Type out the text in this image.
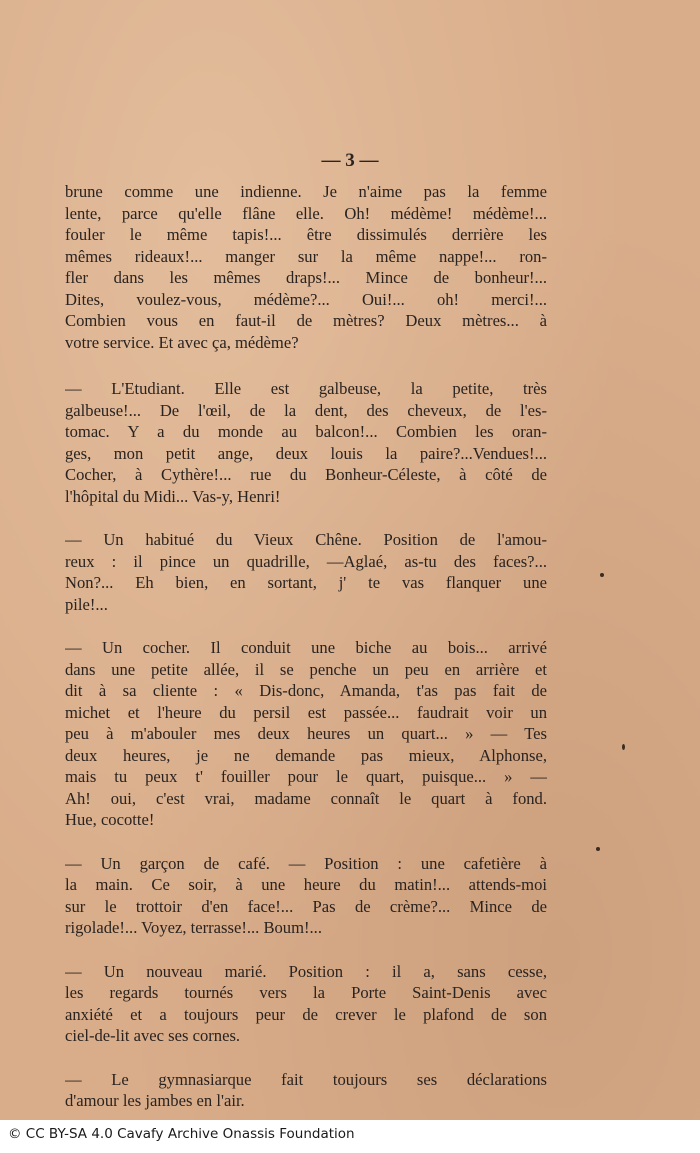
— 3 —
brune comme une indienne. Je n'aime pas la femme
lente, parce qu'elle flâne elle. Oh! médème! médème!...
fouler le même tapis!... être dissimulés derrière les
mêmes rideaux!... manger sur la même nappe!... ron-
fler dans les mêmes draps!... Mince de bonheur!...
Dites, voulez-vous, médème?... Oui!... oh! merci!...
Combien vous en faut-il de mètres? Deux mètres... à
votre service. Et avec ça, médème?
— L'Etudiant. Elle est galbeuse, la petite, très
galbeuse!... De l'œil, de la dent, des cheveux, de l'es-
tomac. Y a du monde au balcon!... Combien les oran-
ges, mon petit ange, deux louis la paire?...Vendues!...
Cocher, à Cythère!... rue du Bonheur-Céleste, à côté de
l'hôpital du Midi... Vas-y, Henri!
— Un habitué du Vieux Chêne. Position de l'amou-
reux : il pince un quadrille, —Aglaé, as-tu des faces?...
Non?... Eh bien, en sortant, j' te vas flanquer une
pile!...
— Un cocher. Il conduit une biche au bois... arrivé
dans une petite allée, il se penche un peu en arrière et
dit à sa cliente : « Dis-donc, Amanda, t'as pas fait de
michet et l'heure du persil est passée... faudrait voir un
peu à m'abouler mes deux heures un quart... » — Tes
deux heures, je ne demande pas mieux, Alphonse,
mais tu peux t' fouiller pour le quart, puisque... » —
Ah! oui, c'est vrai, madame connaît le quart à fond.
Hue, cocotte!
— Un garçon de café. — Position : une cafetière à
la main. Ce soir, à une heure du matin!... attends-moi
sur le trottoir d'en face!... Pas de crème?... Mince de
rigolade!... Voyez, terrasse!... Boum!...
— Un nouveau marié. Position : il a, sans cesse,
les regards tournés vers la Porte Saint-Denis avec
anxiété et a toujours peur de crever le plafond de son
ciel-de-lit avec ses cornes.
— Le gymnasiarque fait toujours ses déclarations
d'amour les jambes en l'air.
© CC BY-SA 4.0 Cavafy Archive Onassis Foundation
